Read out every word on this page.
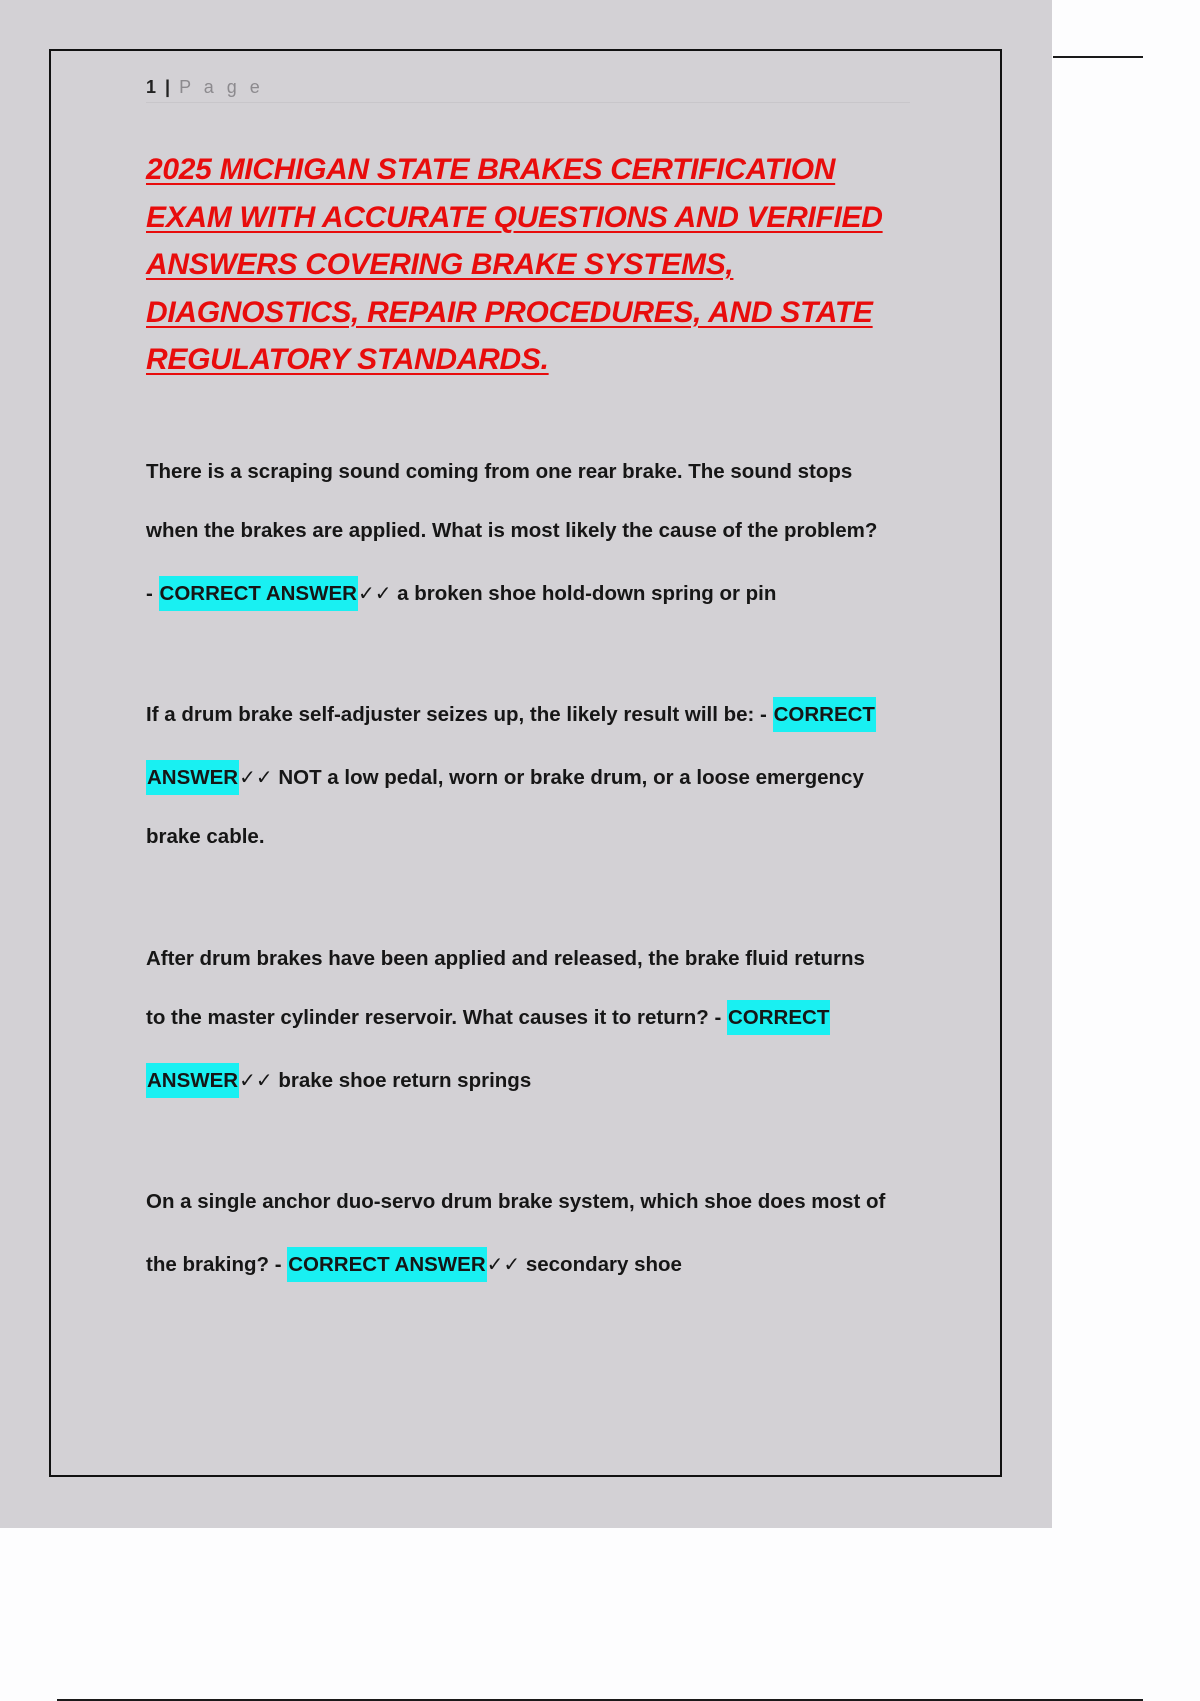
1 | P a g e
2025 MICHIGAN STATE BRAKES CERTIFICATION
EXAM WITH ACCURATE QUESTIONS AND VERIFIED
ANSWERS COVERING BRAKE SYSTEMS,
DIAGNOSTICS, REPAIR PROCEDURES, AND STATE
REGULATORY STANDARDS.
There is a scraping sound coming from one rear brake. The sound stops
when the brakes are applied. What is most likely the cause of the problem?
- CORRECT ANSWER✓✓ a broken shoe hold-down spring or pin
If a drum brake self-adjuster seizes up, the likely result will be: - CORRECT
ANSWER✓✓ NOT a low pedal, worn or brake drum, or a loose emergency
brake cable.
After drum brakes have been applied and released, the brake fluid returns
to the master cylinder reservoir. What causes it to return? - CORRECT
ANSWER✓✓ brake shoe return springs
On a single anchor duo-servo drum brake system, which shoe does most of
the braking? - CORRECT ANSWER✓✓ secondary shoe
